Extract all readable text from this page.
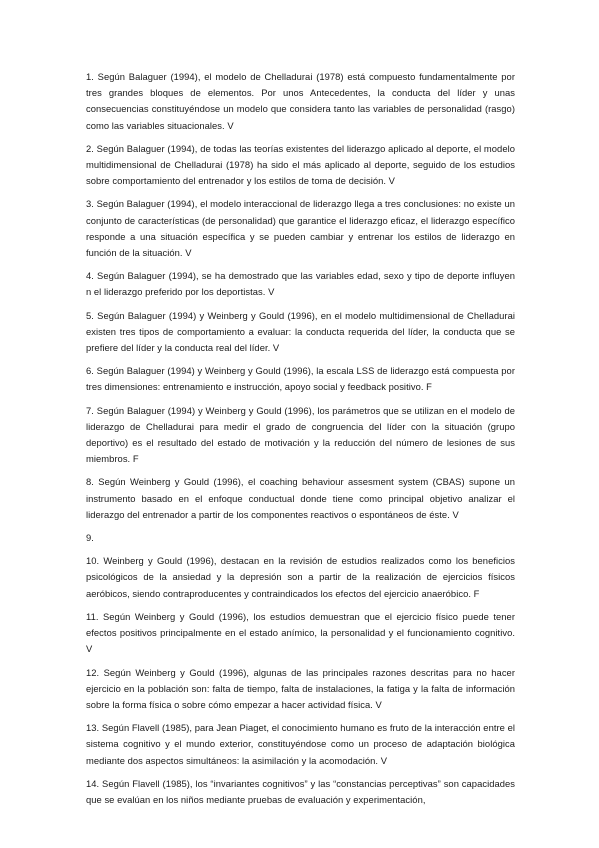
1. Según Balaguer (1994), el modelo de Chelladurai (1978) está compuesto fundamentalmente por tres grandes bloques de elementos. Por unos Antecedentes, la conducta del líder y unas consecuencias constituyéndose un modelo que considera tanto las variables de personalidad (rasgo) como las variables situacionales. V

2. Según Balaguer (1994), de todas las teorías existentes del liderazgo aplicado al deporte, el modelo multidimensional de Chelladurai (1978) ha sido el más aplicado al deporte, seguido de los estudios sobre comportamiento del entrenador y los estilos de toma de decisión. V

3. Según Balaguer (1994), el modelo interaccional de liderazgo llega a tres conclusiones: no existe un conjunto de características (de personalidad) que garantice el liderazgo eficaz, el liderazgo específico responde a una situación específica y se pueden cambiar y entrenar los estilos de liderazgo en función de la situación. V

4. Según Balaguer (1994), se ha demostrado que las variables edad, sexo y tipo de deporte influyen n el liderazgo preferido por los deportistas. V

5. Según Balaguer (1994) y Weinberg y Gould (1996), en el modelo multidimensional de Chelladurai existen tres tipos de comportamiento a evaluar: la conducta requerida del líder, la conducta que se prefiere del líder y la conducta real del líder. V

6. Según Balaguer (1994) y Weinberg y Gould (1996), la escala LSS de liderazgo está compuesta por tres dimensiones: entrenamiento e instrucción, apoyo social y feedback positivo. F

7. Según Balaguer (1994) y Weinberg y Gould (1996), los parámetros que se utilizan en el modelo de liderazgo de Chelladurai para medir el grado de congruencia del líder con la situación (grupo deportivo) es el resultado del estado de motivación y la reducción del número de lesiones de sus miembros. F

8. Según Weinberg y Gould (1996), el coaching behaviour assesment system (CBAS) supone un instrumento basado en el enfoque conductual donde tiene como principal objetivo analizar el liderazgo del entrenador a partir de los componentes reactivos o espontáneos de éste. V

9.

10. Weinberg y Gould (1996), destacan en la revisión de estudios realizados como los beneficios psicológicos de la ansiedad y la depresión son a partir de la realización de ejercicios físicos aeróbicos, siendo contraproducentes y contraindicados los efectos del ejercicio anaeróbico. F

11. Según Weinberg y Gould (1996), los estudios demuestran que el ejercicio físico puede tener efectos positivos principalmente en el estado anímico, la personalidad y el funcionamiento cognitivo. V

12. Según Weinberg y Gould (1996), algunas de las principales razones descritas para no hacer ejercicio en la población son: falta de tiempo, falta de instalaciones, la fatiga y la falta de información sobre la forma física o sobre cómo empezar a hacer actividad física. V

13. Según Flavell (1985), para Jean Piaget, el conocimiento humano es fruto de la interacción entre el sistema cognitivo y el mundo exterior, constituyéndose como un proceso de adaptación biológica mediante dos aspectos simultáneos: la asimilación y la acomodación. V

14. Según Flavell (1985), los “invariantes cognitivos” y las “constancias perceptivas” son capacidades que se evalúan en los niños mediante pruebas de evaluación y experimentación,
